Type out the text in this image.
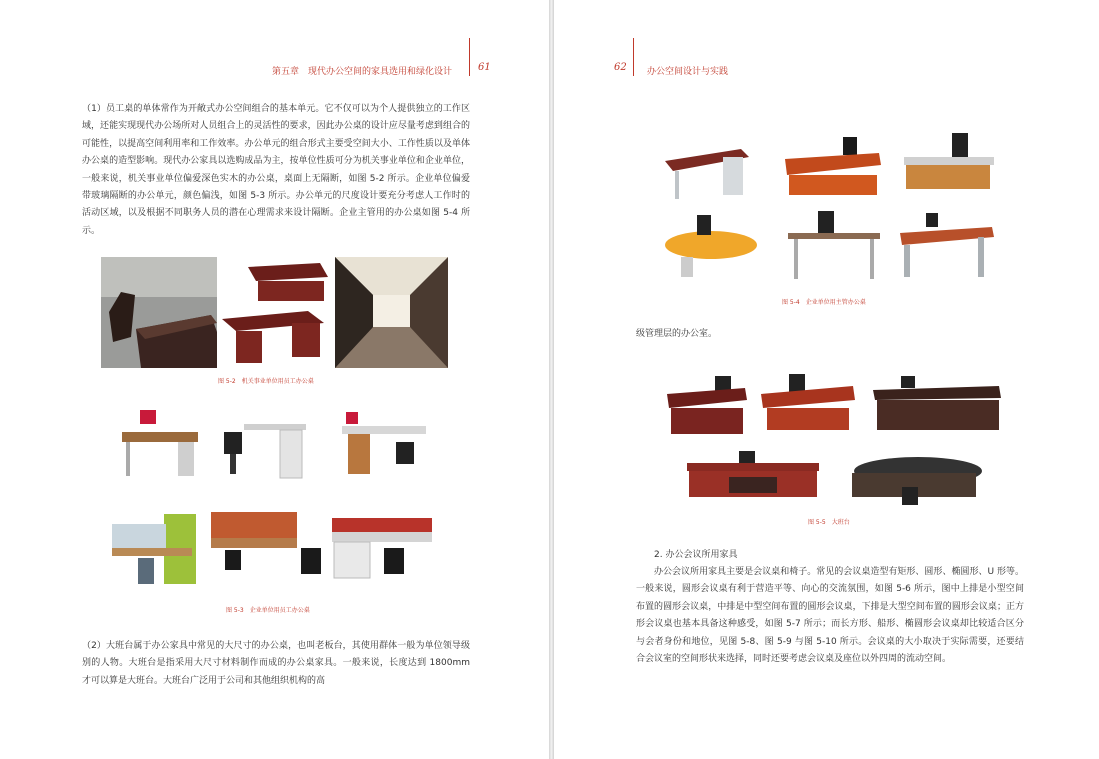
第五章　现代办公空间的家具选用和绿化设计	61
（1）员工桌的单体常作为开敞式办公空间组合的基本单元。它不仅可以为个人提供独立的工作区域，还能实现现代办公场所对人员组合上的灵活性的要求，因此办公桌的设计应尽量考虑到组合的可能性，以提高空间利用率和工作效率。办公单元的组合形式主要受空间大小、工作性质以及单体办公桌的造型影响。现代办公家具以选购成品为主，按单位性质可分为机关事业单位和企业单位，一般来说，机关事业单位偏爱深色实木的办公桌，桌面上无隔断，如图 5-2 所示。企业单位偏爱带玻璃隔断的办公单元，颜色偏浅，如图 5-3 所示。办公单元的尺度设计要充分考虑人工作时的活动区域，以及根据不同职务人员的潜在心理需求来设计隔断。企业主管用的办公桌如图 5-4 所示。
图 5-2　机关事业单位用员工办公桌
图 5-3　企业单位用员工办公桌
（2）大班台属于办公家具中常见的大尺寸的办公桌，也叫老板台，其使用群体一般为单位领导级别的人物。大班台是指采用大尺寸材料制作而成的办公桌家具。一般来说，长度达到 1800mm 才可以算是大班台。大班台广泛用于公司和其他组织机构的高
62 办公空间设计与实践
图 5-4　企业单位用主管办公桌
级管理层的办公室。
图 5-5　大班台
2. 办公会议所用家具
办公会议所用家具主要是会议桌和椅子。常见的会议桌造型有矩形、圆形、椭圆形、U 形等。一般来说，圆形会议桌有利于营造平等、向心的交流氛围，如图 5-6 所示，图中上排是小型空间布置的圆形会议桌，中排是中型空间布置的圆形会议桌，下排是大型空间布置的圆形会议桌；正方形会议桌也基本具备这种感受，如图 5-7 所示；而长方形、船形、椭圆形会议桌却比较适合区分与会者身份和地位，见图 5-8、图 5-9 与图 5-10 所示。会议桌的大小取决于实际需要，还要结合会议室的空间形状来选择，同时还要考虑会议桌及座位以外四周的流动空间。
